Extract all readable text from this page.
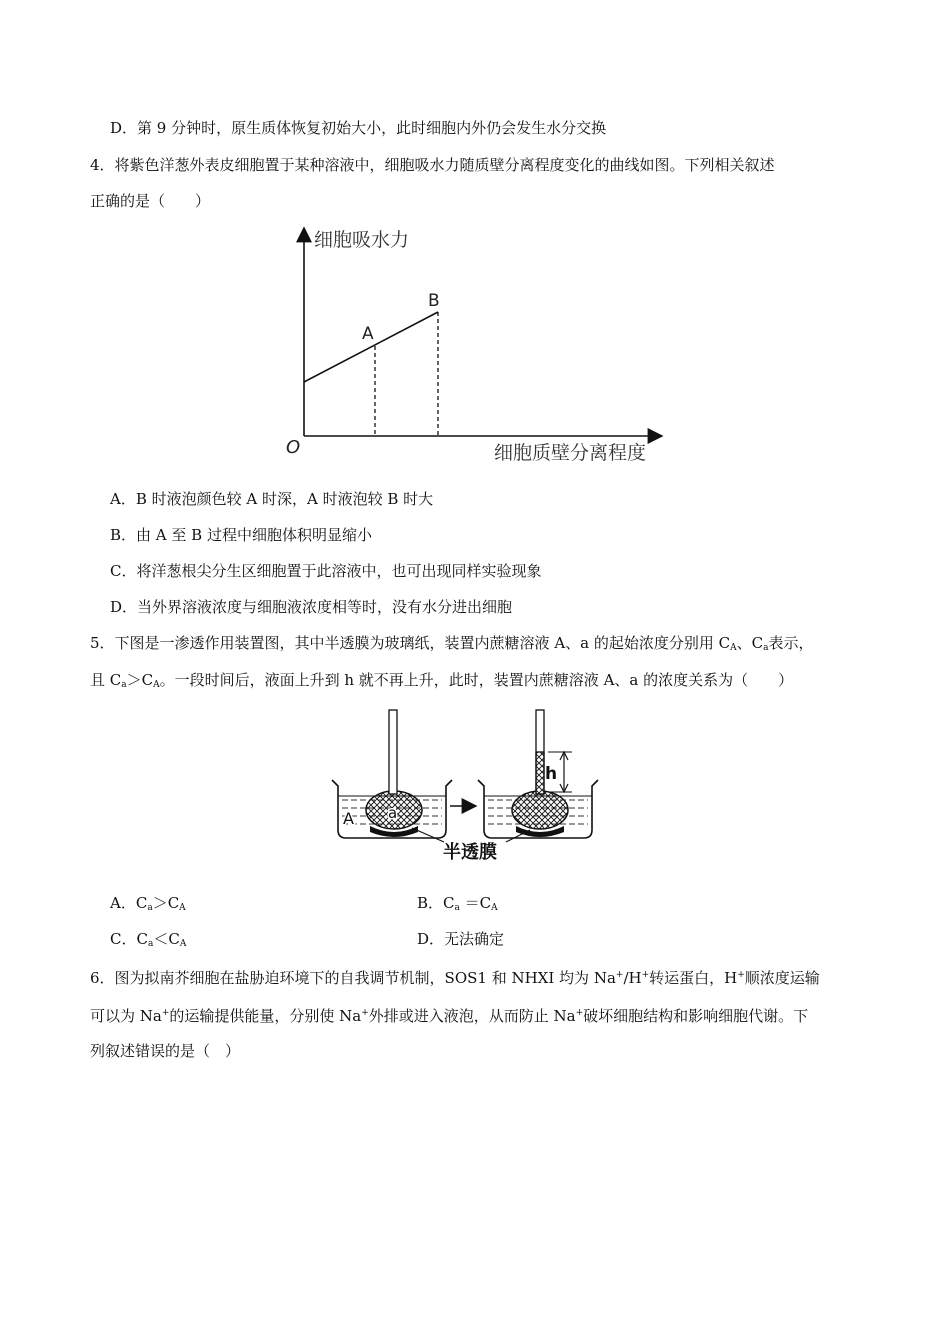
D．第 9 分钟时，原生质体恢复初始大小，此时细胞内外仍会发生水分交换
4．将紫色洋葱外表皮细胞置于某种溶液中，细胞吸水力随质壁分离程度变化的曲线如图。下列相关叙述
正确的是（　　）
细胞吸水力
细胞质壁分离程度
O
A
B
A．B 时液泡颜色较 A 时深，A 时液泡较 B 时大
B．由 A 至 B 过程中细胞体积明显缩小
C．将洋葱根尖分生区细胞置于此溶液中，也可出现同样实验现象
D．当外界溶液浓度与细胞液浓度相等时，没有水分进出细胞
5．下图是一渗透作用装置图，其中半透膜为玻璃纸，装置内蔗糖溶液 A、a 的起始浓度分别用 $C_A$、$C_a$表示，
且 $C_a>C_A$。一段时间后，液面上升到 h 就不再上升，此时，装置内蔗糖溶液 A、a 的浓度关系为（　　）
A a
h
半透膜
A．$C_a>C_A$	B．$C_a =C_A$
C．$C_a<C_A$	D．无法确定
6．图为拟南芥细胞在盐胁迫环境下的自我调节机制，SOS1 和 NHXI 均为 Na+/H+转运蛋白，H+顺浓度运输
可以为 Na+的运输提供能量，分别使 Na+外排或进入液泡，从而防止 Na+破坏细胞结构和影响细胞代谢。下
列叙述错误的是（　）
